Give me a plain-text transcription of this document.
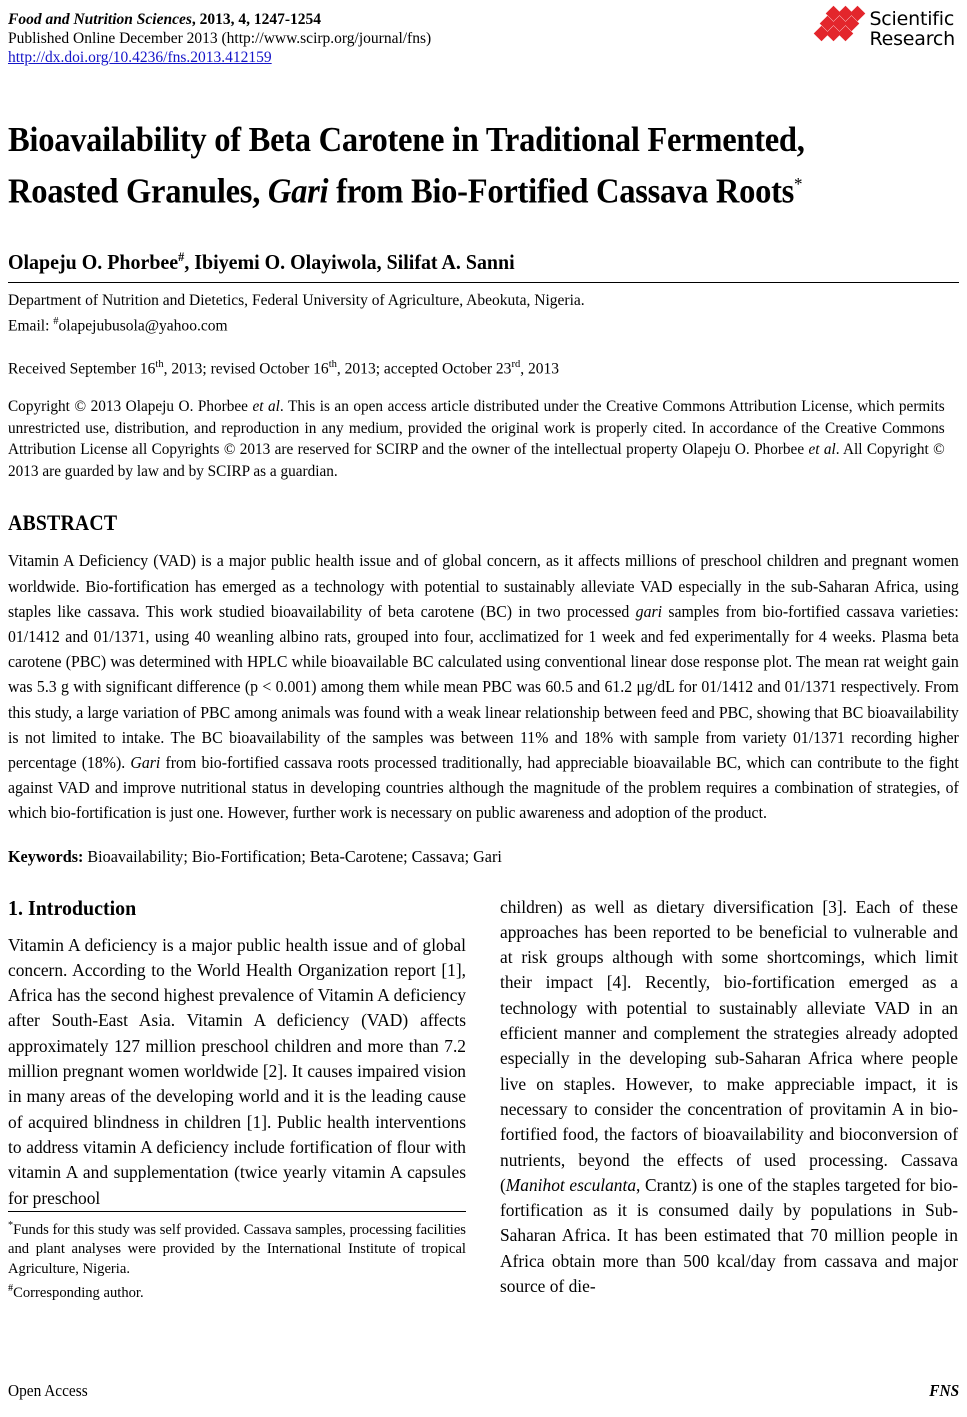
Food and Nutrition Sciences, 2013, 4, 1247-1254
Published Online December 2013 (http://www.scirp.org/journal/fns)
http://dx.doi.org/10.4236/fns.2013.412159
Scientific
Research
Bioavailability of Beta Carotene in Traditional Fermented,
Roasted Granules, Gari from Bio-Fortified Cassava Roots*
Olapeju O. Phorbee#, Ibiyemi O. Olayiwola, Silifat A. Sanni
Department of Nutrition and Dietetics, Federal University of Agriculture, Abeokuta, Nigeria.
Email: #olapejubusola@yahoo.com
Received September 16th, 2013; revised October 16th, 2013; accepted October 23rd, 2013
Copyright © 2013 Olapeju O. Phorbee et al. This is an open access article distributed under the Creative Commons Attribution License, which permits unrestricted use, distribution, and reproduction in any medium, provided the original work is properly cited. In accordance of the Creative Commons Attribution License all Copyrights © 2013 are reserved for SCIRP and the owner of the intellectual property Olapeju O. Phorbee et al. All Copyright © 2013 are guarded by law and by SCIRP as a guardian.
ABSTRACT
Vitamin A Deficiency (VAD) is a major public health issue and of global concern, as it affects millions of preschool children and pregnant women worldwide. Bio-fortification has emerged as a technology with potential to sustainably alleviate VAD especially in the sub-Saharan Africa, using staples like cassava. This work studied bioavailability of beta carotene (BC) in two processed gari samples from bio-fortified cassava varieties: 01/1412 and 01/1371, using 40 weanling albino rats, grouped into four, acclimatized for 1 week and fed experimentally for 4 weeks. Plasma beta carotene (PBC) was determined with HPLC while bioavailable BC calculated using conventional linear dose response plot. The mean rat weight gain was 5.3 g with significant difference (p < 0.001) among them while mean PBC was 60.5 and 61.2 μg/dL for 01/1412 and 01/1371 respectively. From this study, a large variation of PBC among animals was found with a weak linear relationship between feed and PBC, showing that BC bioavailability is not limited to intake. The BC bioavailability of the samples was between 11% and 18% with sample from variety 01/1371 recording higher percentage (18%). Gari from bio-fortified cassava roots processed traditionally, had appreciable bioavailable BC, which can contribute to the fight against VAD and improve nutritional status in developing countries although the magnitude of the problem requires a combination of strategies, of which bio-fortification is just one. However, further work is necessary on public awareness and adoption of the product.
Keywords: Bioavailability; Bio-Fortification; Beta-Carotene; Cassava; Gari
1. Introduction
Vitamin A deficiency is a major public health issue and of global concern. According to the World Health Organization report [1], Africa has the second highest prevalence of Vitamin A deficiency after South-East Asia. Vitamin A deficiency (VAD) affects approximately 127 million preschool children and more than 7.2 million pregnant women worldwide [2]. It causes impaired vision in many areas of the developing world and it is the leading cause of acquired blindness in children [1]. Public health interventions to address vitamin A deficiency include fortification of flour with vitamin A and supplementation (twice yearly vitamin A capsules for preschool
*Funds for this study was self provided. Cassava samples, processing facilities and plant analyses were provided by the International Institute of tropical Agriculture, Nigeria.
#Corresponding author.
children) as well as dietary diversification [3]. Each of these approaches has been reported to be beneficial to vulnerable and at risk groups although with some shortcomings, which limit their impact [4]. Recently, bio-fortification emerged as a technology with potential to sustainably alleviate VAD in an efficient manner and complement the strategies already adopted especially in the developing sub-Saharan Africa where people live on staples. However, to make appreciable impact, it is necessary to consider the concentration of provitamin A in bio-fortified food, the factors of bioavailability and bioconversion of nutrients, beyond the effects of used processing. Cassava (Manihot esculanta, Crantz) is one of the staples targeted for bio-fortification as it is consumed daily by populations in Sub-Saharan Africa. It has been estimated that 70 million people in Africa obtain more than 500 kcal/day from cassava and major source of die-
Open Access	FNS
